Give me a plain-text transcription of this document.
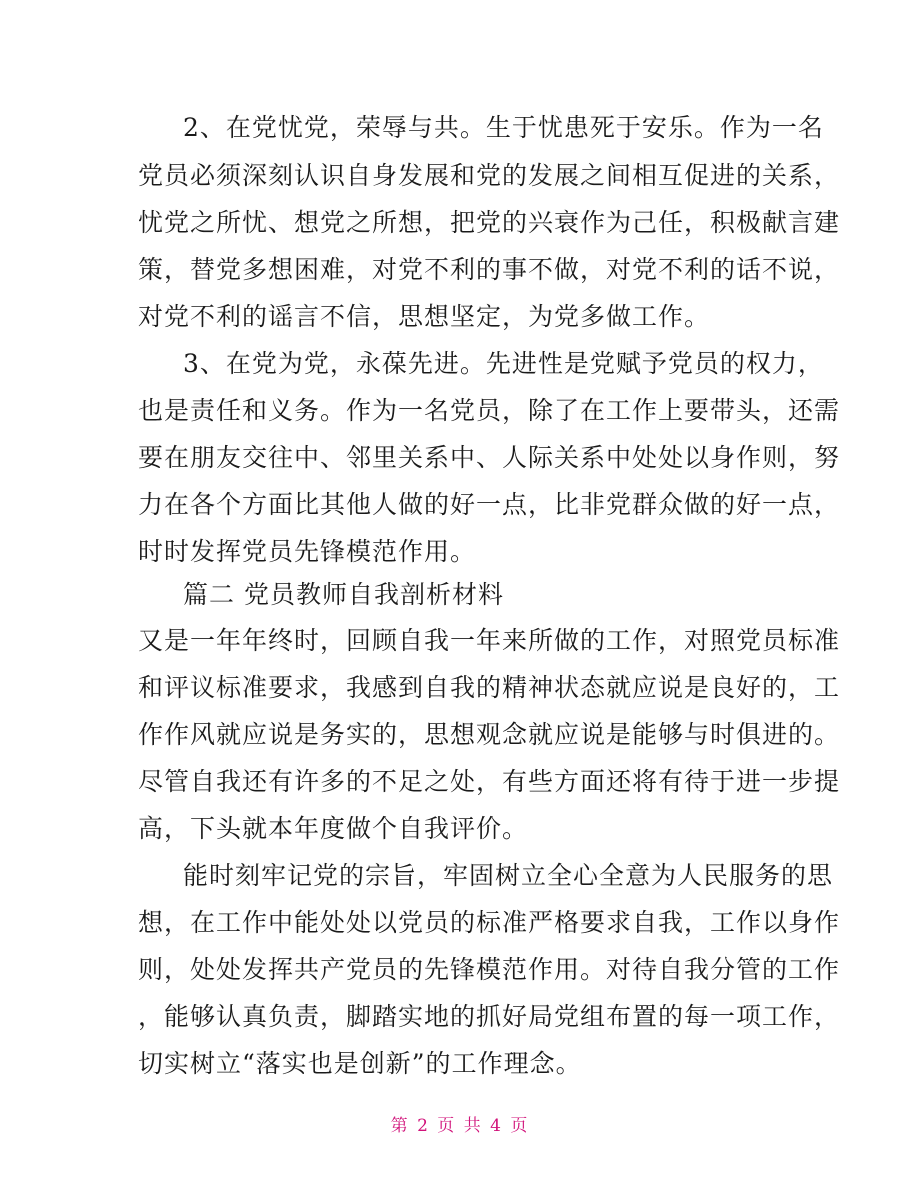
2、在党忧党，荣辱与共。生于忧患死于安乐。作为一名
党员必须深刻认识自身发展和党的发展之间相互促进的关系，
忧党之所忧、想党之所想，把党的兴衰作为己任，积极献言建
策，替党多想困难，对党不利的事不做，对党不利的话不说，
对党不利的谣言不信，思想坚定，为党多做工作。
3、在党为党，永葆先进。先进性是党赋予党员的权力，
也是责任和义务。作为一名党员，除了在工作上要带头，还需
要在朋友交往中、邻里关系中、人际关系中处处以身作则，努
力在各个方面比其他人做的好一点，比非党群众做的好一点，
时时发挥党员先锋模范作用。
篇二 党员教师自我剖析材料
又是一年年终时，回顾自我一年来所做的工作，对照党员标准
和评议标准要求，我感到自我的精神状态就应说是良好的，工
作作风就应说是务实的，思想观念就应说是能够与时俱进的。
尽管自我还有许多的不足之处，有些方面还将有待于进一步提
高，下头就本年度做个自我评价。
能时刻牢记党的宗旨，牢固树立全心全意为人民服务的思
想，在工作中能处处以党员的标准严格要求自我，工作以身作
则，处处发挥共产党员的先锋模范作用。对待自我分管的工作
，能够认真负责，脚踏实地的抓好局党组布置的每一项工作，
切实树立“落实也是创新”的工作理念。
第 2 页 共 4 页
